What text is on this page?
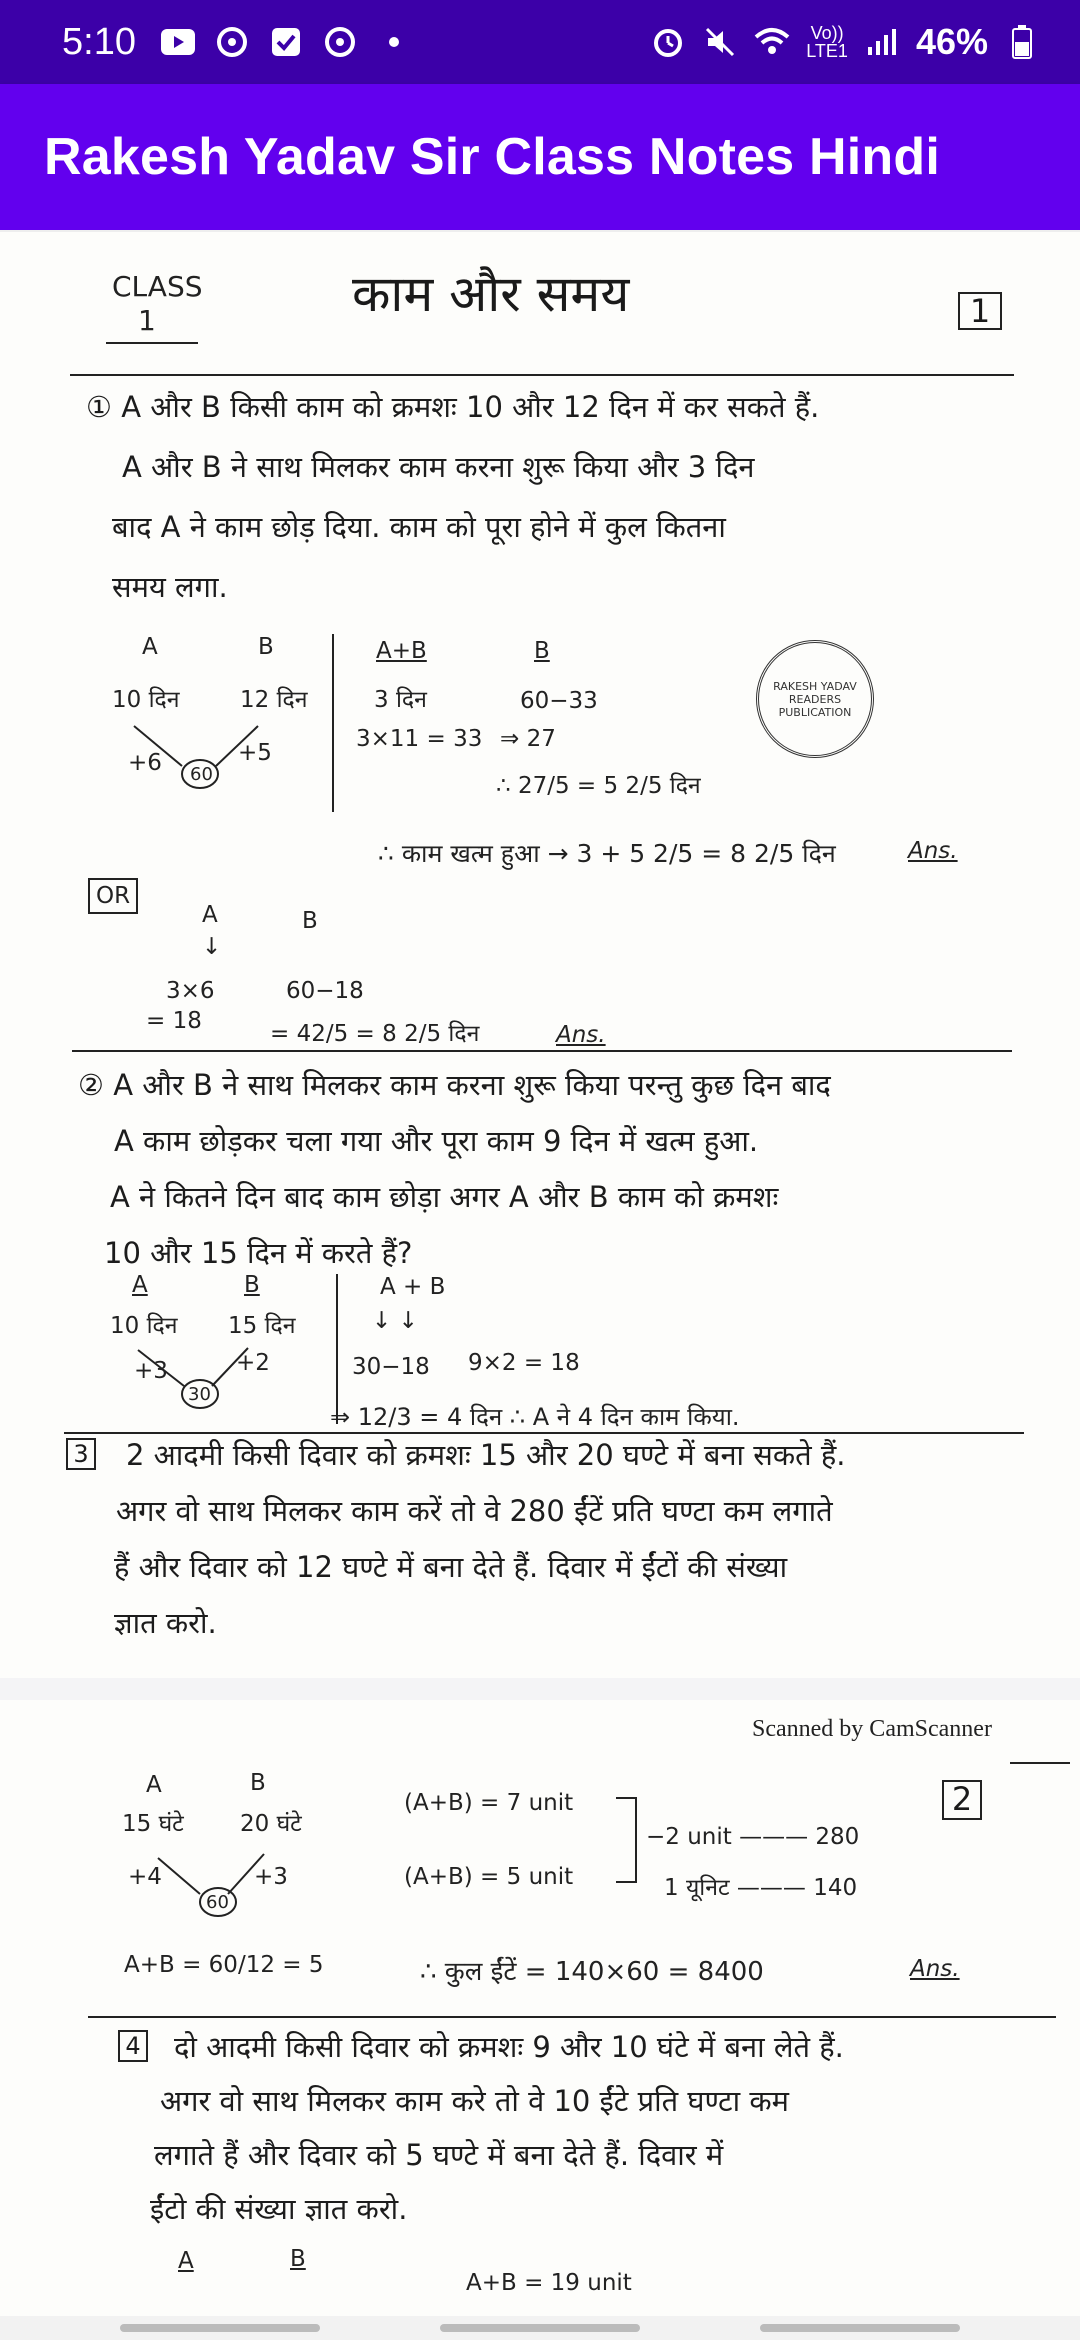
5:10	Vo))
LTE1 46%
Rakesh Yadav Sir Class Notes Hindi
CLASS
1	काम और समय	1
① A और B किसी काम को क्रमशः 10 और 12 दिन में कर सकते हैं.
A और B ने साथ मिलकर काम करना शुरू किया और 3 दिन
बाद A ने काम छोड़ दिया. काम को पूरा होने में कुल कितना
समय लगा.
A	B
10 दिन	12 दिन
+6	+5
60
A+B
3 दिन
3×11 = 33
B
60−33
⇒ 27
∴ 27/5 = 5 2/5 दिन
RAKESH YADAV READERS PUBLICATION
∴ काम खत्म हुआ → 3 + 5 2/5 = 8 2/5 दिन	Ans.
OR
A
↓
B
3×6
= 18
60−18
= 42/5 = 8 2/5 दिन	Ans.
② A और B ने साथ मिलकर काम करना शुरू किया परन्तु कुछ दिन बाद
A काम छोड़कर चला गया और पूरा काम 9 दिन में खत्म हुआ.
A ने कितने दिन बाद काम छोड़ा अगर A और B काम को क्रमशः
10 और 15 दिन में करते हैं?
A	B
10 दिन 15 दिन
+3	+2
30
A + B
↓ ↓
30−18 9×2 = 18
⇒ 12/3 = 4 दिन ∴ A ने 4 दिन काम किया.
3 2 आदमी किसी दिवार को क्रमशः 15 और 20 घण्टे में बना सकते हैं.
अगर वो साथ मिलकर काम करें तो वे 280 ईंटें प्रति घण्टा कम लगाते
हैं और दिवार को 12 घण्टे में बना देते हैं. दिवार में ईंटों की संख्या
ज्ञात करो.
Scanned by CamScanner
2
A	B
15 घंटे 20 घंटे
+4	+3
60
(A+B) = 7 unit
(A+B) = 5 unit
−2 unit ——— 280
1 यूनिट ——— 140
A+B = 60/12 = 5	∴ कुल ईंटें = 140×60 = 8400	Ans.
4 दो आदमी किसी दिवार को क्रमशः 9 और 10 घंटे में बना लेते हैं.
अगर वो साथ मिलकर काम करे तो वे 10 ईंटे प्रति घण्टा कम
लगाते हैं और दिवार को 5 घण्टे में बना देते हैं. दिवार में
ईंटो की संख्या ज्ञात करो.
A	B
A+B = 19 unit
